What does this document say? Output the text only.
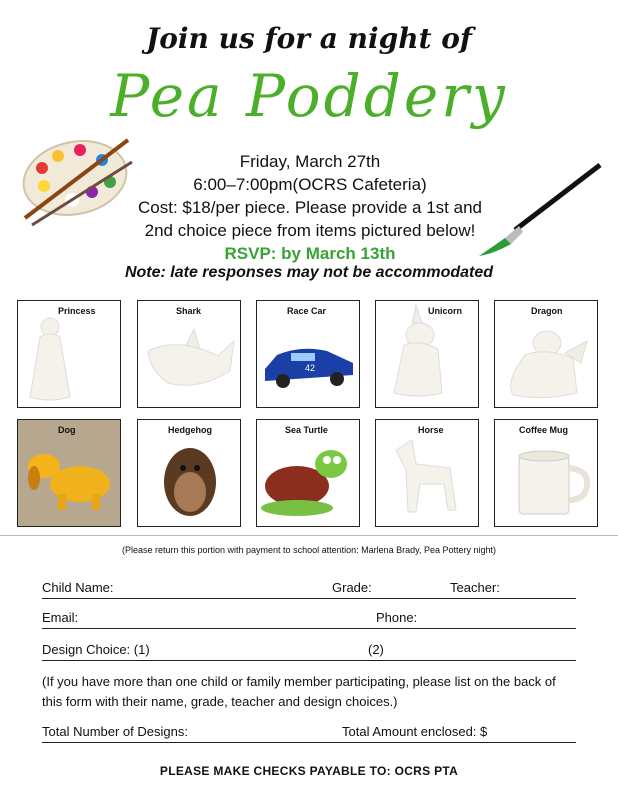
Join us for a night of
Pea Poddery
Friday, March 27th
6:00–7:00pm(OCRS Cafeteria)
Cost: $18/per piece. Please provide a 1st and
2nd choice piece from items pictured below!
RSVP: by March 13th
Note: late responses may not be accommodated
Princess	Shark	Race Car
42
Unicorn	Dragon
Dog	Hedgehog	Sea Turtle	Horse	Coffee Mug
(Please return this portion with payment to school attention: Marlena Brady, Pea Pottery night)
Child Name:	Grade:	Teacher:
Email:	Phone:
Design Choice: (1)	(2)
(If you have more than one child or family member participating, please list on the back of this form with their name, grade, teacher and design choices.)
Total Number of Designs:	Total Amount enclosed: $
PLEASE MAKE CHECKS PAYABLE TO: OCRS PTA
